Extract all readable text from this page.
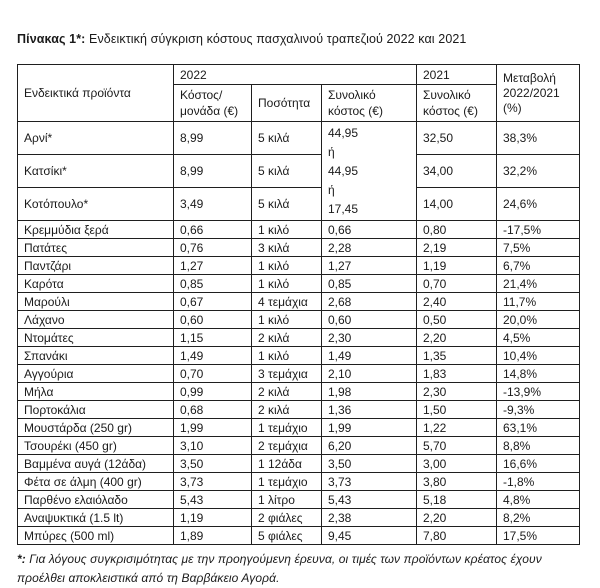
Πίνακας 1*: Ενδεικτική σύγκριση κόστους πασχαλινού τραπεζιού 2022 και 2021
Ενδεικτικά προϊόντα	2022			2021	Μεταβολή 2022/2021 (%)
	Κόστος/ μονάδα (€)	Ποσότητα	Συνολικό κόστος (€)	Συνολικό κόστος (€)	
Αρνί*	8,99	5 κιλά	44,95
ή
44,95
ή
17,45	32,50	38,3%
Κατσίκι*	8,99	5 κιλά		34,00	32,2%
Κοτόπουλο*	3,49	5 κιλά		14,00	24,6%
Κρεμμύδια ξερά	0,66	1 κιλό	0,66	0,80	-17,5%
Πατάτες	0,76	3 κιλά	2,28	2,19	7,5%
Παντζάρι	1,27	1 κιλό	1,27	1,19	6,7%
Καρότα	0,85	1 κιλό	0,85	0,70	21,4%
Μαρούλι	0,67	4 τεμάχια	2,68	2,40	11,7%
Λάχανο	0,60	1 κιλό	0,60	0,50	20,0%
Ντομάτες	1,15	2 κιλά	2,30	2,20	4,5%
Σπανάκι	1,49	1 κιλό	1,49	1,35	10,4%
Αγγούρια	0,70	3 τεμάχια	2,10	1,83	14,8%
Μήλα	0,99	2 κιλά	1,98	2,30	-13,9%
Πορτοκάλια	0,68	2 κιλά	1,36	1,50	-9,3%
Μουστάρδα (250 gr)	1,99	1 τεμάχιο	1,99	1,22	63,1%
Τσουρέκι (450 gr)	3,10	2 τεμάχια	6,20	5,70	8,8%
Βαμμένα αυγά (12άδα)	3,50	1 12άδα	3,50	3,00	16,6%
Φέτα σε άλμη (400 gr)	3,73	1 τεμάχιο	3,73	3,80	-1,8%
Παρθένο ελαιόλαδο	5,43	1 λίτρο	5,43	5,18	4,8%
Αναψυκτικά (1.5 lt)	1,19	2 φιάλες	2,38	2,20	8,2%
Μπύρες (500 ml)	1,89	5 φιάλες	9,45	7,80	17,5%
*: Για λόγους συγκρισιμότητας με την προηγούμενη έρευνα, οι τιμές των προϊόντων κρέατος έχουν προέλθει αποκλειστικά από τη Βαρβάκειο Αγορά.
